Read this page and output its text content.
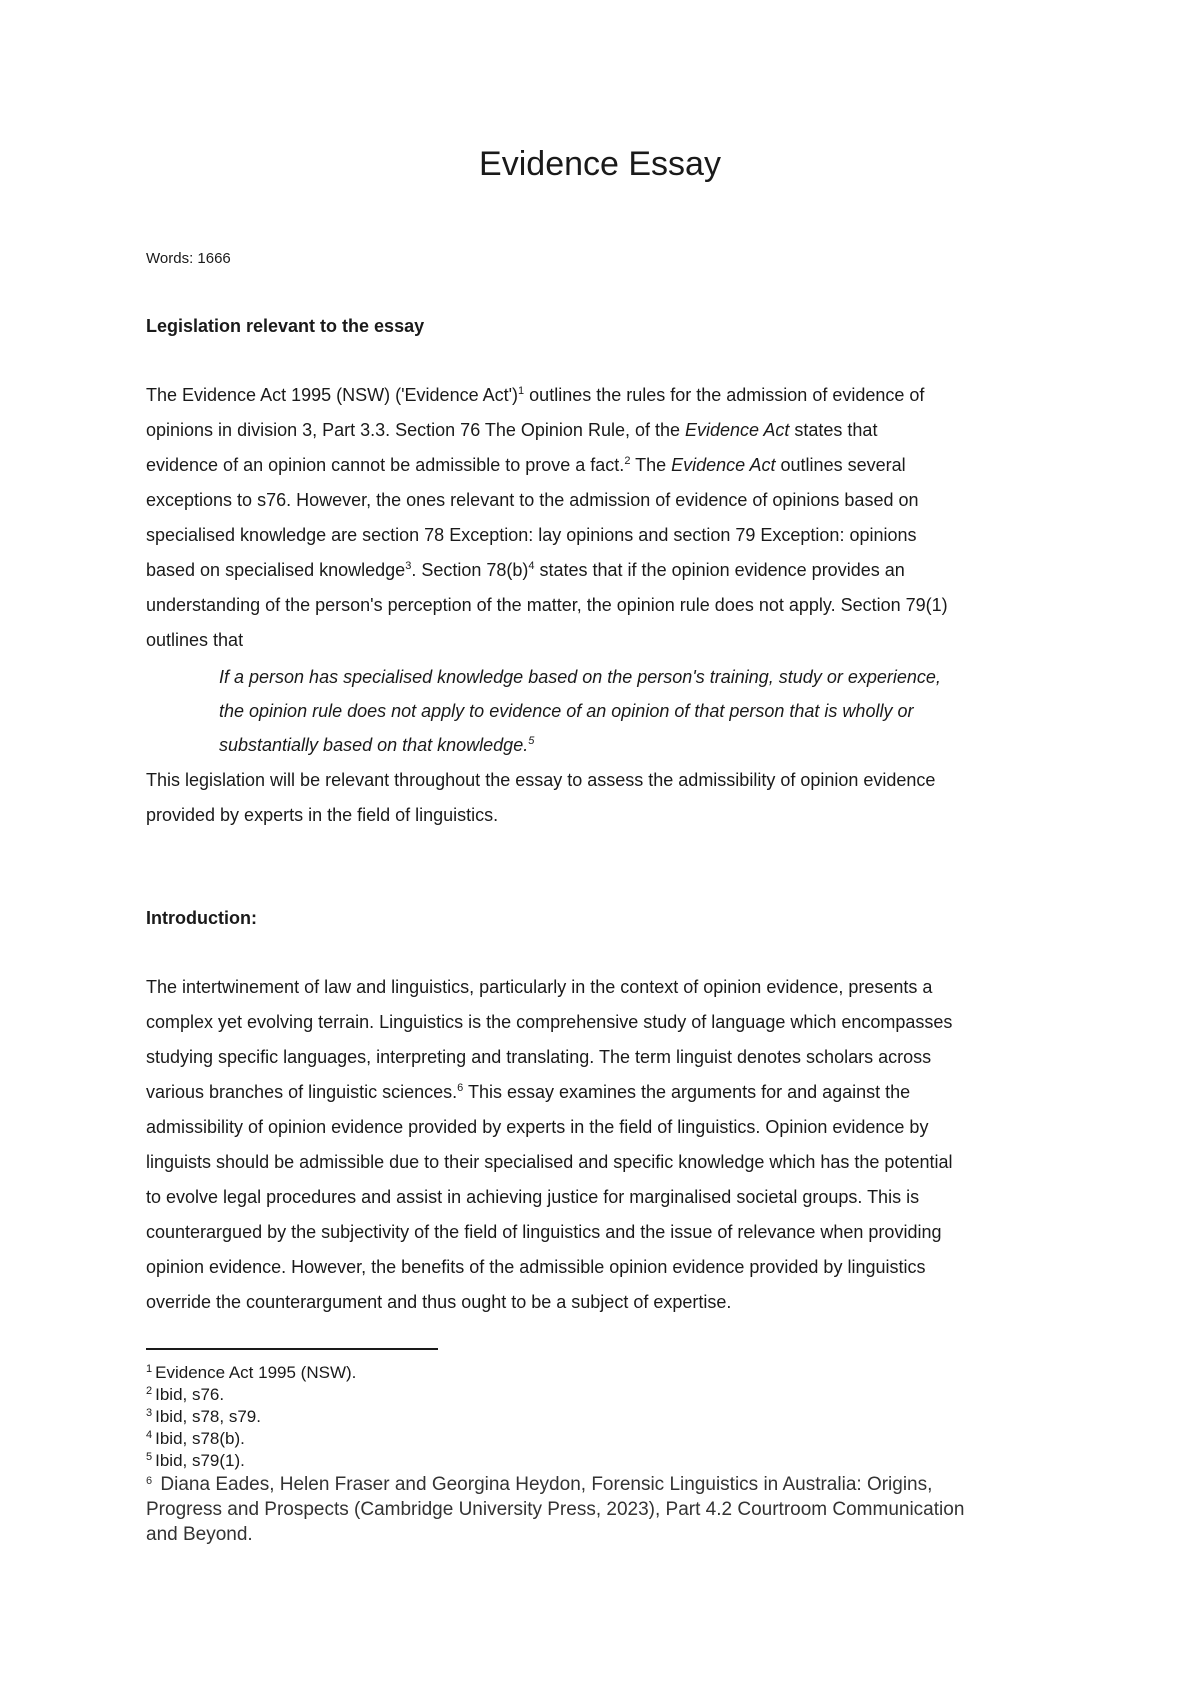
Evidence Essay
Words: 1666
Legislation relevant to the essay
The Evidence Act 1995 (NSW) ('Evidence Act')$^1$ outlines the rules for the admission of evidence of
opinions in division 3, Part 3.3. Section 76 The Opinion Rule, of the Evidence Act states that
evidence of an opinion cannot be admissible to prove a fact.$^2$ The Evidence Act outlines several
exceptions to s76. However, the ones relevant to the admission of evidence of opinions based on
specialised knowledge are section 78 Exception: lay opinions and section 79 Exception: opinions
based on specialised knowledge$^3$. Section $78(b)^4$ states that if the opinion evidence provides an
understanding of the person's perception of the matter, the opinion rule does not apply. Section 79(1)
outlines that
If a person has specialised knowledge based on the person's training, study or experience,
the opinion rule does not apply to evidence of an opinion of that person that is wholly or
substantially based on that knowledge.$^5$
This legislation will be relevant throughout the essay to assess the admissibility of opinion evidence
provided by experts in the field of linguistics.
Introduction:
The intertwinement of law and linguistics, particularly in the context of opinion evidence, presents a
complex yet evolving terrain. Linguistics is the comprehensive study of language which encompasses
studying specific languages, interpreting and translating. The term linguist denotes scholars across
various branches of linguistic sciences.$^6$ This essay examines the arguments for and against the
admissibility of opinion evidence provided by experts in the field of linguistics. Opinion evidence by
linguists should be admissible due to their specialised and specific knowledge which has the potential
to evolve legal procedures and assist in achieving justice for marginalised societal groups. This is
counterargued by the subjectivity of the field of linguistics and the issue of relevance when providing
opinion evidence. However, the benefits of the admissible opinion evidence provided by linguistics
override the counterargument and thus ought to be a subject of expertise.
$^1$ Evidence Act 1995 (NSW).
$^2$ Ibid, s76.
$^3$ Ibid, s78, s79.
$^4$ Ibid, s78(b).
$^5$ Ibid, s79(1).
$^6$ Diana Eades, Helen Fraser and Georgina Heydon, Forensic Linguistics in Australia: Origins,
Progress and Prospects (Cambridge University Press, 2023), Part 4.2 Courtroom Communication
and Beyond.
